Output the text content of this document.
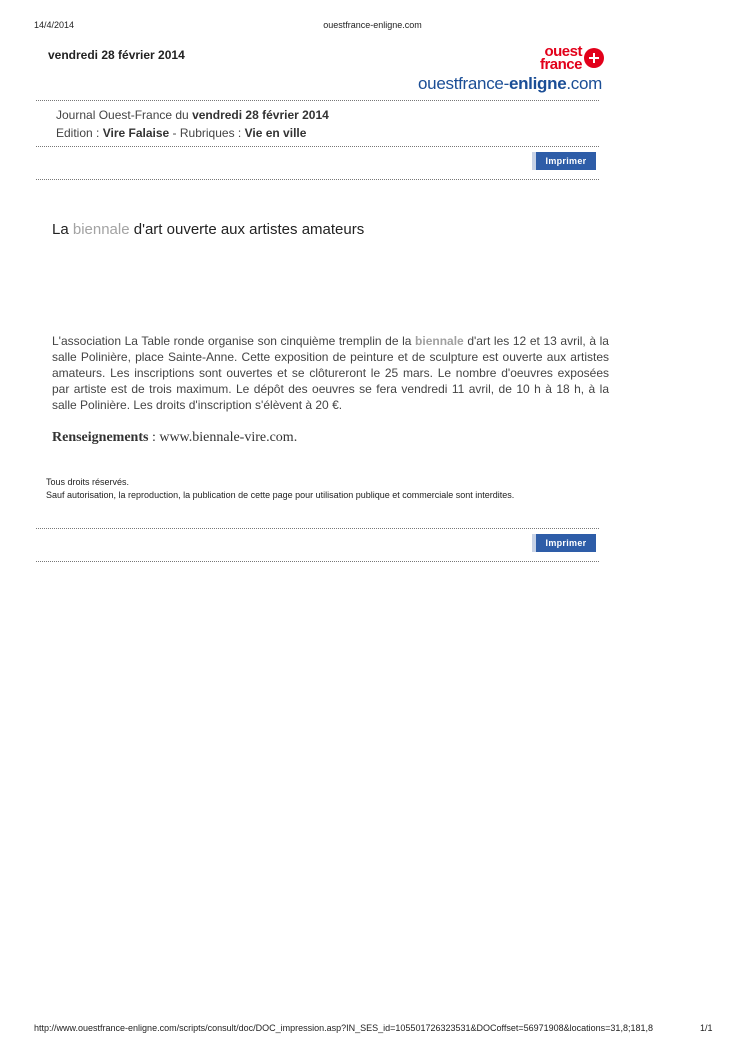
14/4/2014	ouestfrance-enligne.com
vendredi 28 février 2014	ouest
france
ouestfrance-enligne.com
Journal Ouest-France du vendredi 28 février 2014
Edition : Vire Falaise - Rubriques : Vie en ville
Imprimer
La biennale d'art ouverte aux artistes amateurs
L'association La Table ronde organise son cinquième tremplin de la biennale d'art les 12 et 13 avril, à la salle Polinière, place Sainte-Anne. Cette exposition de peinture et de sculpture est ouverte aux artistes amateurs. Les inscriptions sont ouvertes et se clôtureront le 25 mars. Le nombre d'oeuvres exposées par artiste est de trois maximum. Le dépôt des oeuvres se fera vendredi 11 avril, de 10 h à 18 h, à la salle Polinière. Les droits d'inscription s'élèvent à 20 €.
Renseignements : www.biennale-vire.com.
Tous droits réservés.
Sauf autorisation, la reproduction, la publication de cette page pour utilisation publique et commerciale sont interdites.
Imprimer
http://www.ouestfrance-enligne.com/scripts/consult/doc/DOC_impression.asp?IN_SES_id=105501726323531&DOCoffset=56971908&locations=31,8;181,8	1/1
